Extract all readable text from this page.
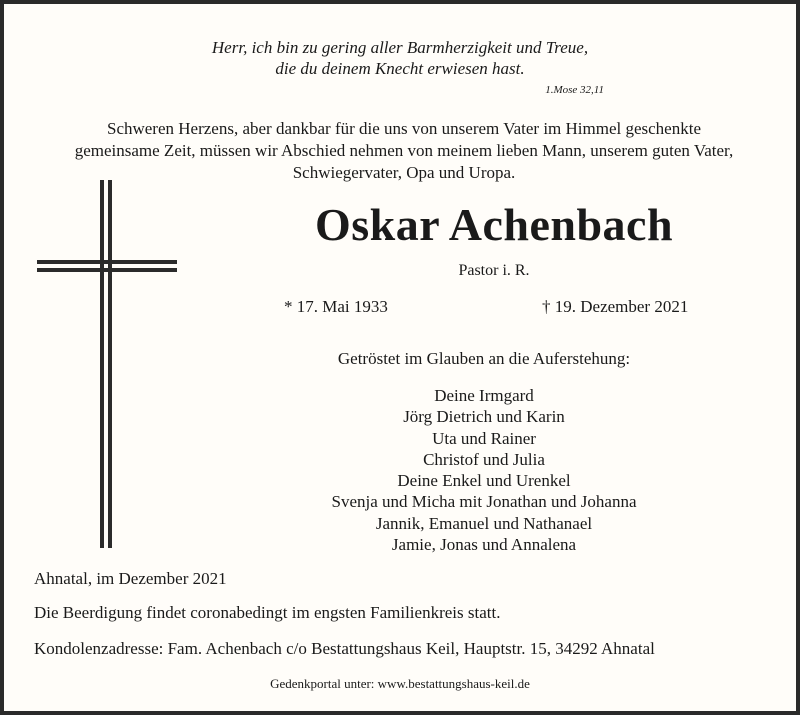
Herr, ich bin zu gering aller Barmherzigkeit und Treue,
die du deinem Knecht erwiesen hast.
1.Mose 32,11
Schweren Herzens, aber dankbar für die uns von unserem Vater im Himmel geschenkte
gemeinsame Zeit, müssen wir Abschied nehmen von meinem lieben Mann, unserem guten Vater,
Schwiegervater, Opa und Uropa.
Oskar Achenbach
Pastor i. R.
* 17. Mai 1933	† 19. Dezember 2021
Getröstet im Glauben an die Auferstehung:
Deine Irmgard
Jörg Dietrich und Karin
Uta und Rainer
Christof und Julia
Deine Enkel und Urenkel
Svenja und Micha mit Jonathan und Johanna
Jannik, Emanuel und Nathanael
Jamie, Jonas und Annalena
Ahnatal, im Dezember 2021
Die Beerdigung findet coronabedingt im engsten Familienkreis statt.
Kondolenzadresse: Fam. Achenbach c/o Bestattungshaus Keil, Hauptstr. 15, 34292 Ahnatal
Gedenkportal unter: www.bestattungshaus-keil.de
